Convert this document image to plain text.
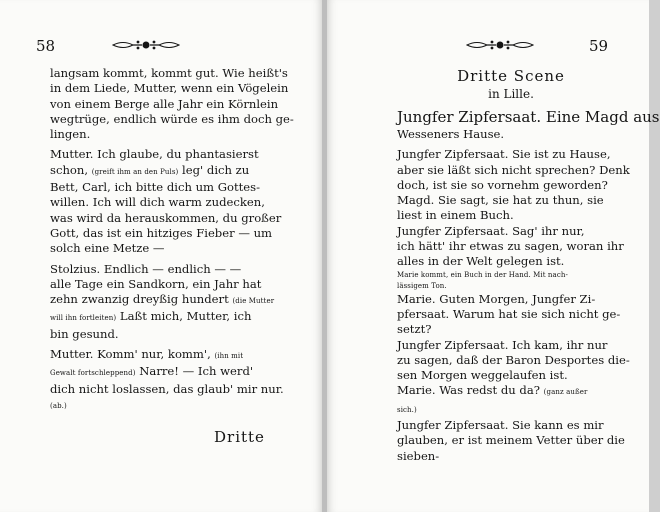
58
langsam kommt, kommt gut. Wie heißt's
in dem Liede, Mutter, wenn ein Vögelein
von einem Berge alle Jahr ein Körnlein
wegtrüge, endlich würde es ihm doch ge-
lingen.
Mutter. Ich glaube, du phantasierst
schon, (greift ihm an den Puls) leg' dich zu
Bett, Carl, ich bitte dich um Gottes-
willen. Ich will dich warm zudecken,
was wird da herauskommen, du großer
Gott, das ist ein hitziges Fieber — um
solch eine Metze —
Stolzius. Endlich — endlich — —
alle Tage ein Sandkorn, ein Jahr hat
zehn zwanzig dreyßig hundert (die Mutter
will ihn fortleiten) Laßt mich, Mutter, ich
bin gesund.
Mutter. Komm' nur, komm', (ihn mit
Gewalt fortschleppend) Narre! — Ich werd'
dich nicht loslassen, das glaub' mir nur.
(ab.)
Dritte
59
Dritte Scene
in Lille.
Jungfer Zipfersaat. Eine Magd aus
Wesseners Hause.
Jungfer Zipfersaat. Sie ist zu Hause,
aber sie läßt sich nicht sprechen? Denk
doch, ist sie so vornehm geworden?
Magd. Sie sagt, sie hat zu thun, sie
liest in einem Buch.
Jungfer Zipfersaat. Sag' ihr nur,
ich hätt' ihr etwas zu sagen, woran ihr
alles in der Welt gelegen ist.
Marie kommt, ein Buch in der Hand. Mit nach-
lässigem Ton.
Marie. Guten Morgen, Jungfer Zi-
pfersaat. Warum hat sie sich nicht ge-
setzt?
Jungfer Zipfersaat. Ich kam, ihr nur
zu sagen, daß der Baron Desportes die-
sen Morgen weggelaufen ist.
Marie. Was redst du da? (ganz außer
sich.)
Jungfer Zipfersaat. Sie kann es mir
glauben, er ist meinem Vetter über die
sieben-
